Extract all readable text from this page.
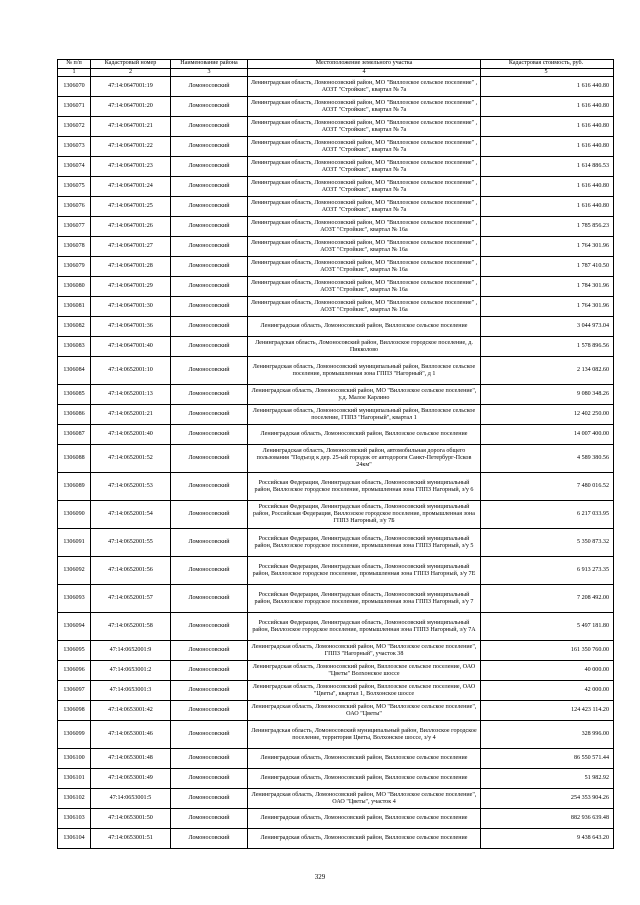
№ п/п	Кадастровый номер	Наименование района	Местоположение земельного участка	Кадастровая стоимость, руб.
1	2	3	4	5
1306070	47:14:0647001:19	Ломоносовский	Ленинградская область, Ломоносовский район, МО "Виллозское сельское поселение" , АОЗТ "Стройкис", квартал № 7а	1 616 440.80
1306071	47:14:0647001:20	Ломоносовский	Ленинградская область, Ломоносовский район, МО "Виллозское сельское поселение" , АОЗТ "Стройкис", квартал № 7а	1 616 440.80
1306072	47:14:0647001:21	Ломоносовский	Ленинградская область, Ломоносовский район, МО "Виллозское сельское поселение" , АОЗТ "Стройкис", квартал № 7а	1 616 440.80
1306073	47:14:0647001:22	Ломоносовский	Ленинградская область, Ломоносовский район, МО "Виллозское сельское поселение" , АОЗТ "Стройкис", квартал № 7а	1 616 440.80
1306074	47:14:0647001:23	Ломоносовский	Ленинградская область, Ломоносовский район, МО "Виллозское сельское поселение" , АОЗТ "Стройкис", квартал № 7а	1 614 886.53
1306075	47:14:0647001:24	Ломоносовский	Ленинградская область, Ломоносовский район, МО "Виллозское сельское поселение" , АОЗТ "Стройкис", квартал № 7а	1 616 440.80
1306076	47:14:0647001:25	Ломоносовский	Ленинградская область, Ломоносовский район, МО "Виллозское сельское поселение" , АОЗТ "Стройкис", квартал № 7а	1 616 440.80
1306077	47:14:0647001:26	Ломоносовский	Ленинградская область, Ломоносовский район, МО "Виллозское сельское поселение" , АОЗТ "Стройкис", квартал № 16а	1 785 856.23
1306078	47:14:0647001:27	Ломоносовский	Ленинградская область, Ломоносовский район, МО "Виллозское сельское поселение" , АОЗТ "Стройкис", квартал № 16а	1 764 301.96
1306079	47:14:0647001:28	Ломоносовский	Ленинградская область, Ломоносовский район, МО "Виллозское сельское поселение" , АОЗТ "Стройкис", квартал № 16а	1 787 410.50
1306080	47:14:0647001:29	Ломоносовский	Ленинградская область, Ломоносовский район, МО "Виллозское сельское поселение" , АОЗТ "Стройкис", квартал № 16а	1 784 301.96
1306081	47:14:0647001:30	Ломоносовский	Ленинградская область, Ломоносовский район, МО "Виллозское сельское поселение" , АОЗТ "Стройкис", квартал № 16а	1 764 301.96
1306082	47:14:0647001:36	Ломоносовский	Ленинградская область, Ломоносовский район, Виллозское сельское поселение	3 044 973.04
1306083	47:14:0647001:40	Ломоносовский	Ленинградская область, Ломоносовский район, Виллозское городское поселение, д. Пикколово	1 578 896.56
1306084	47:14:0652001:10	Ломоносовский	Ленинградская область, Ломоносовский муниципальный район, Виллозское сельское поселение, промышленная зона ГППЗ "Нагорный", д 1	2 134 082.60
1306085	47:14:0652001:13	Ломоносовский	Ленинградская область, Ломоносовский район, МО "Виллозское сельское поселение", у.д. Малое Карлино	9 080 348.26
1306086	47:14:0652001:21	Ломоносовский	Ленинградская область, Ломоносовский муниципальный район, Виллозское сельское поселение, ГППЗ "Нагорный", квартал 1	12 402 250.00
1306087	47:14:0652001:40	Ломоносовский	Ленинградская область, Ломоносовский район, Виллозское сельское поселение	14 007 400.00
1306088	47:14:0652001:52	Ломоносовский	Ленинградская область, Ломоносовский район, автомобильная дорога общего пользования "Подъезд к дер. 25-ый городок от автодороги Санкт-Петербург-Псков 24км"	4 589 380.56
1306089	47:14:0652001:53	Ломоносовский	Российская Федерация, Ленинградская область, Ломоносовский муниципальный район, Виллозское городское поселение, промышленная зона ГППЗ Нагорный, з/у 6	7 480 016.52
1306090	47:14:0652001:54	Ломоносовский	Российская Федерация, Ленинградская область, Ломоносовский муниципальный район, Российская Федерация, Виллозское городское поселение, промышленная зона ГППЗ Нагорный, з/у 7Б	6 217 033.95
1306091	47:14:0652001:55	Ломоносовский	Российская Федерация, Ленинградская область, Ломоносовский муниципальный район, Виллозское городское поселение, промышленная зона ГППЗ Нагорный, з/у 5	5 350 873.32
1306092	47:14:0652001:56	Ломоносовский	Российская Федерация, Ленинградская область, Ломоносовский муниципальный район, Виллозское городское поселение, промышленная зона ГППЗ Нагорный, з/у 7Е	6 913 273.35
1306093	47:14:0652001:57	Ломоносовский	Российская Федерация, Ленинградская область, Ломоносовский муниципальный район, Виллозское городское поселение, промышленная зона ГППЗ Нагорный, з/у 7	7 208 492.00
1306094	47:14:0652001:58	Ломоносовский	Российская Федерация, Ленинградская область, Ломоносовский муниципальный район, Виллозское городское поселение, промышленная зона ГППЗ Нагорный, з/у 7А	5 497 181.80
1306095	47:14:0652001:9	Ломоносовский	Ленинградская область, Ломоносовский район, МО "Виллозское сельское поселение", ГППЗ "Нагорный", участок 38	161 350 760.00
1306096	47:14:0653001:2	Ломоносовский	Ленинградская область, Ломоносовский район, Виллозское сельское поселение, ОАО "Цветы" Волхонское шоссе	40 000.00
1306097	47:14:0653001:3	Ломоносовский	Ленинградская область, Ломоносовский район, Виллозское сельское поселение, ОАО "Цветы", квартал 1, Волхонское шоссе	42 000.00
1306098	47:14:0653001:42	Ломоносовский	Ленинградская область, Ломоносовский район, МО "Виллозское сельское поселение", ОАО "Цветы"	124 423 114.20
1306099	47:14:0653001:46	Ломоносовский	Ленинградская область, Ломоносовский муниципальный район, Виллозское городское поселение, территория Цветы, Волхонское шоссе, з/у 4	328 996.00
1306100	47:14:0653001:48	Ломоносовский	Ленинградская область, Ломоносовский район, Виллозское сельское поселение	86 550 571.44
1306101	47:14:0653001:49	Ломоносовский	Ленинградская область, Ломоносовский район, Виллозское сельское поселение	51 982.92
1306102	47:14:0653001:5	Ломоносовский	Ленинградская область, Ломоносовский район, МО "Виллозское сельское поселение", ОАО "Цветы", участок 4	254 353 904.26
1306103	47:14:0653001:50	Ломоносовский	Ленинградская область, Ломоносовский район, Виллозское сельское поселение	882 936 639.48
1306104	47:14:0653001:51	Ломоносовский	Ленинградская область, Ломоносовский район, Виллозское сельское поселение	9 438 643.20
329
